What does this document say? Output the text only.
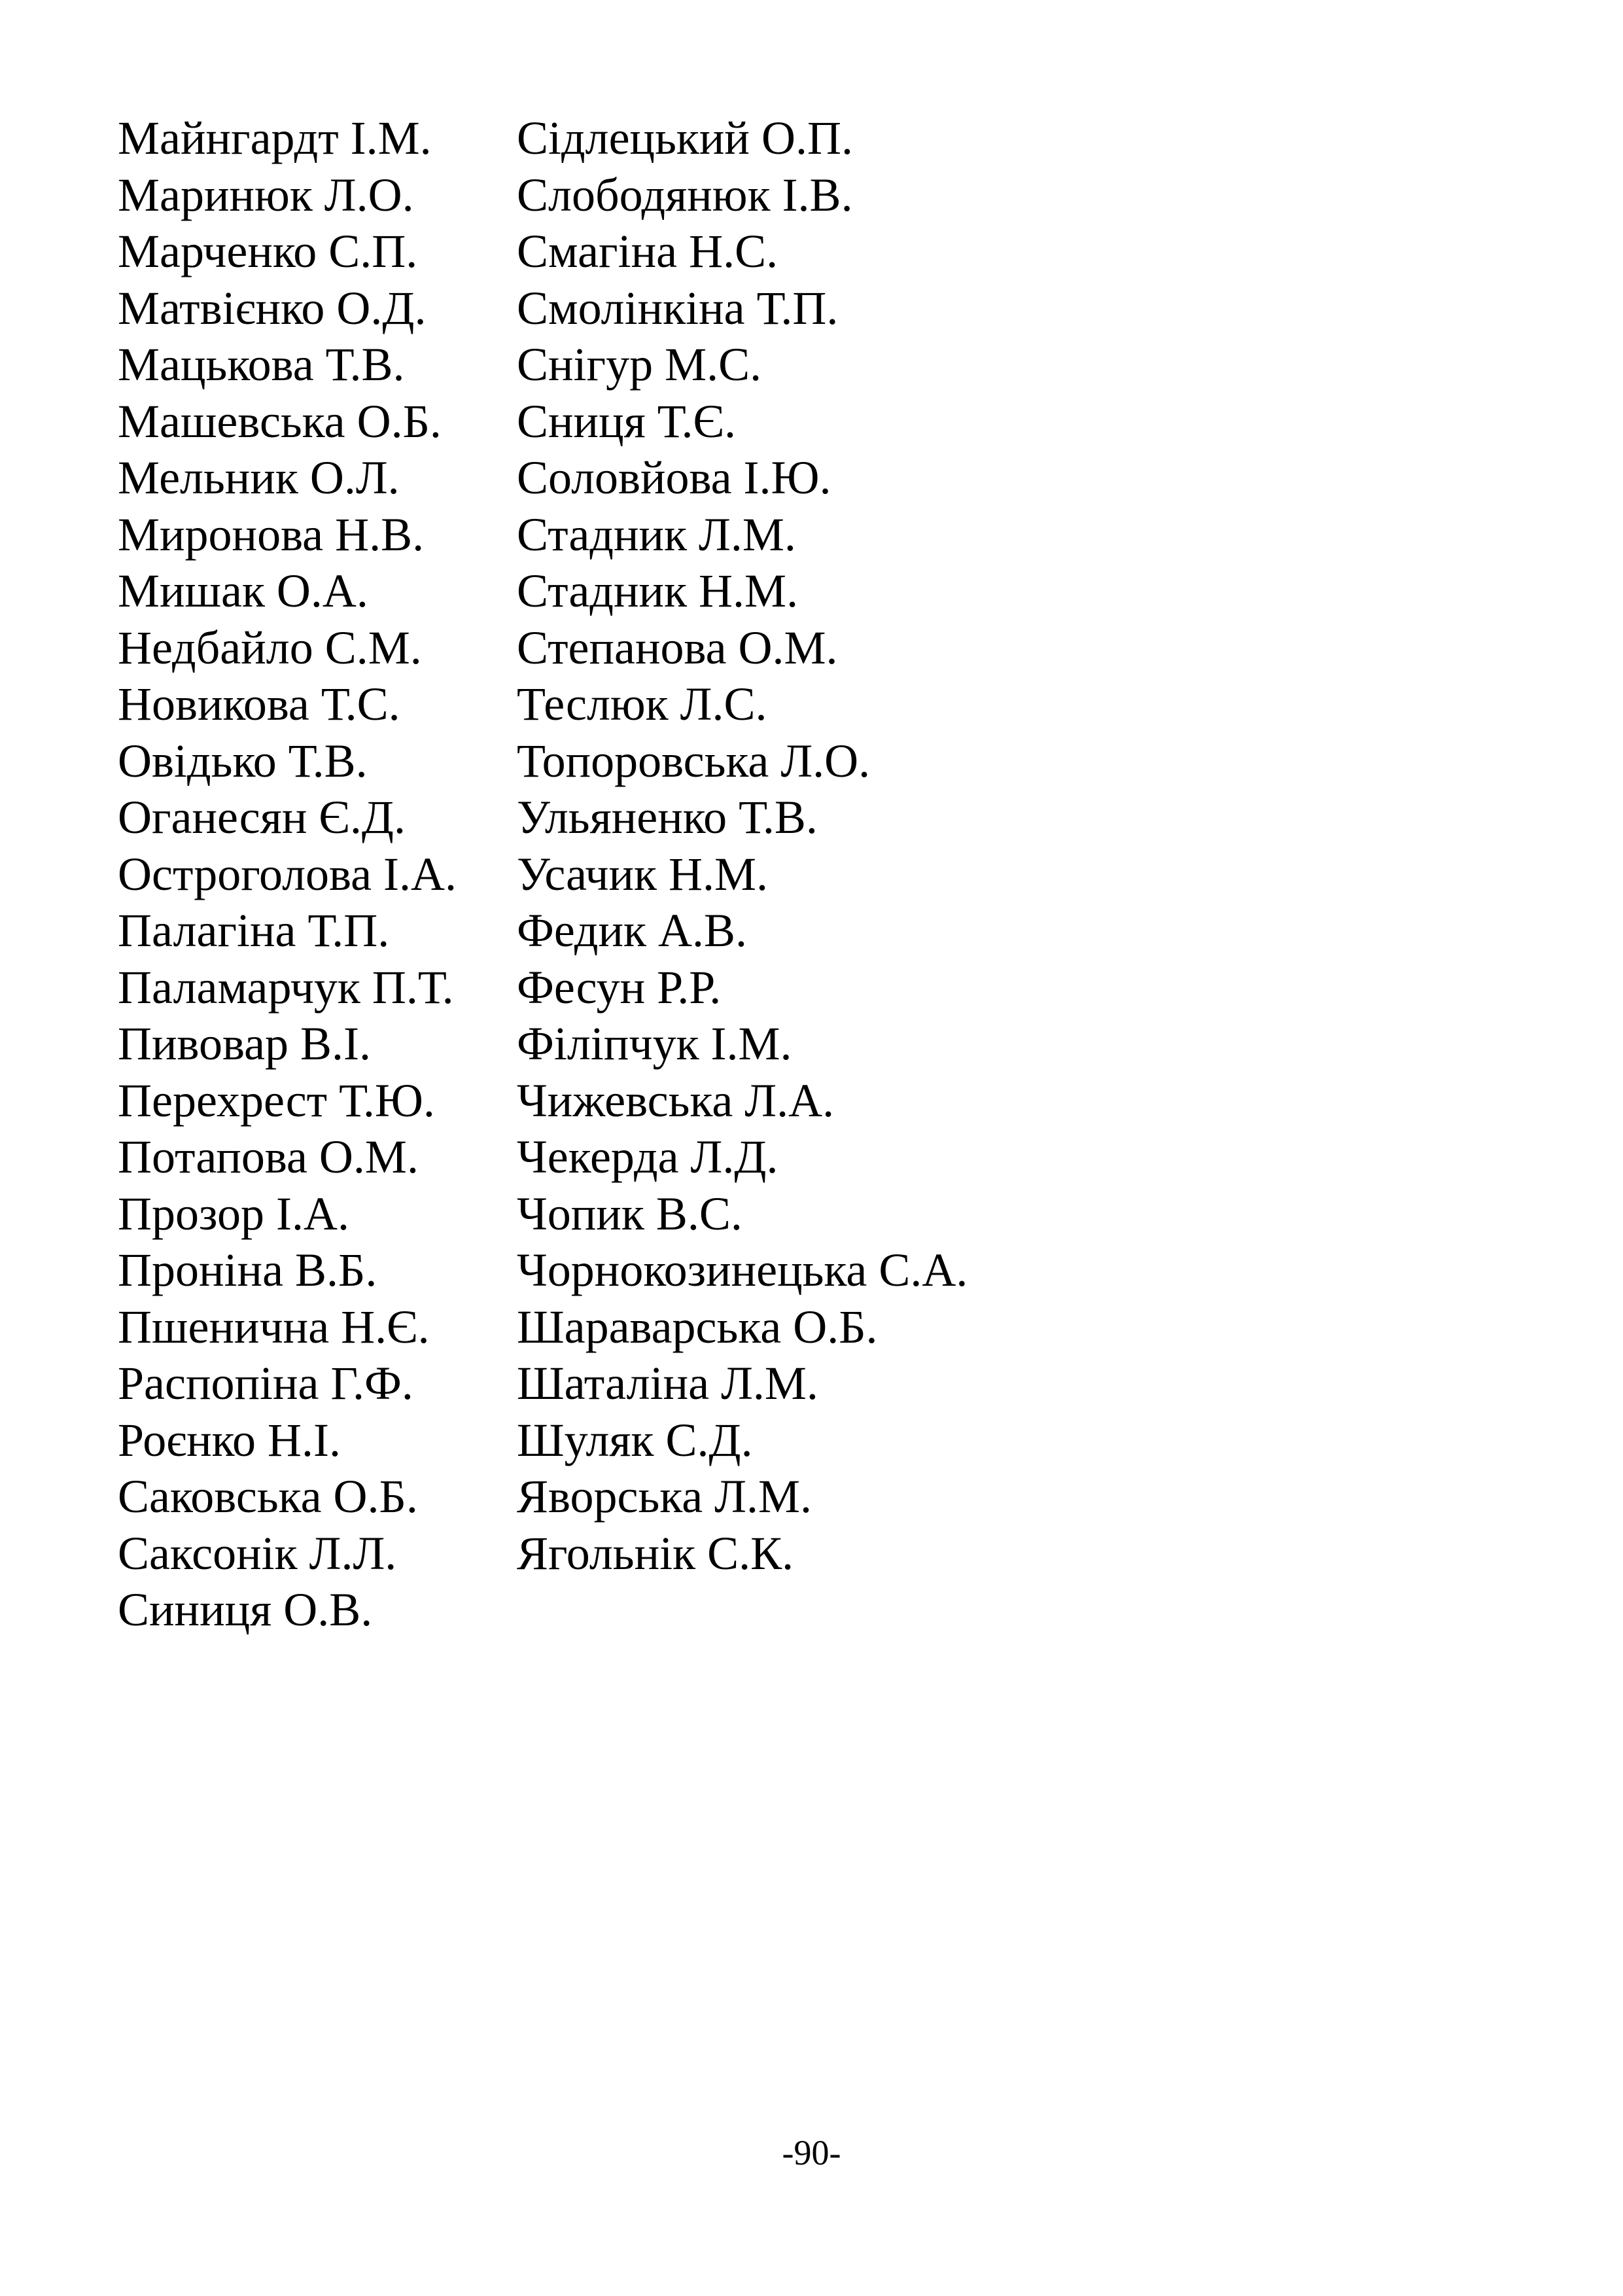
Майнгардт І.М. Сідлецький О.П.
Маринюк Л.О. Слободянюк І.В.
Марченко С.П. Смагіна Н.С.
Матвієнко О.Д. Смолінкіна Т.П.
Мацькова Т.В. Снігур М.С.
Машевська О.Б. Сниця Т.Є.
Мельник О.Л. Соловйова І.Ю.
Миронова Н.В. Стадник Л.М.
Мишак О.А.	Стадник Н.М.
Недбайло С.М. Степанова О.М.
Новикова Т.С. Теслюк Л.С.
Овідько Т.В.	Топоровська Л.О.
Оганесян Є.Д. Ульяненко Т.В.
Остроголова І.А. Усачик Н.М.
Палагіна Т.П.	Федик А.В.
Паламарчук П.Т. Фесун Р.Р.
Пивовар В.І.	Філіпчук І.М.
Перехрест Т.Ю. Чижевська Л.А.
Потапова О.М. Чекерда Л.Д.
Прозор І.А.	Чопик В.С.
Проніна В.Б.	Чорнокозинецька С.А.
Пшенична Н.Є. Шараварська О.Б.
Распопіна Г.Ф. Шаталіна Л.М.
Роєнко Н.І.	Шуляк С.Д.
Саковська О.Б. Яворська Л.М.
Саксонік Л.Л.	Ягольнік С.К.
Синиця О.В.
-90-
